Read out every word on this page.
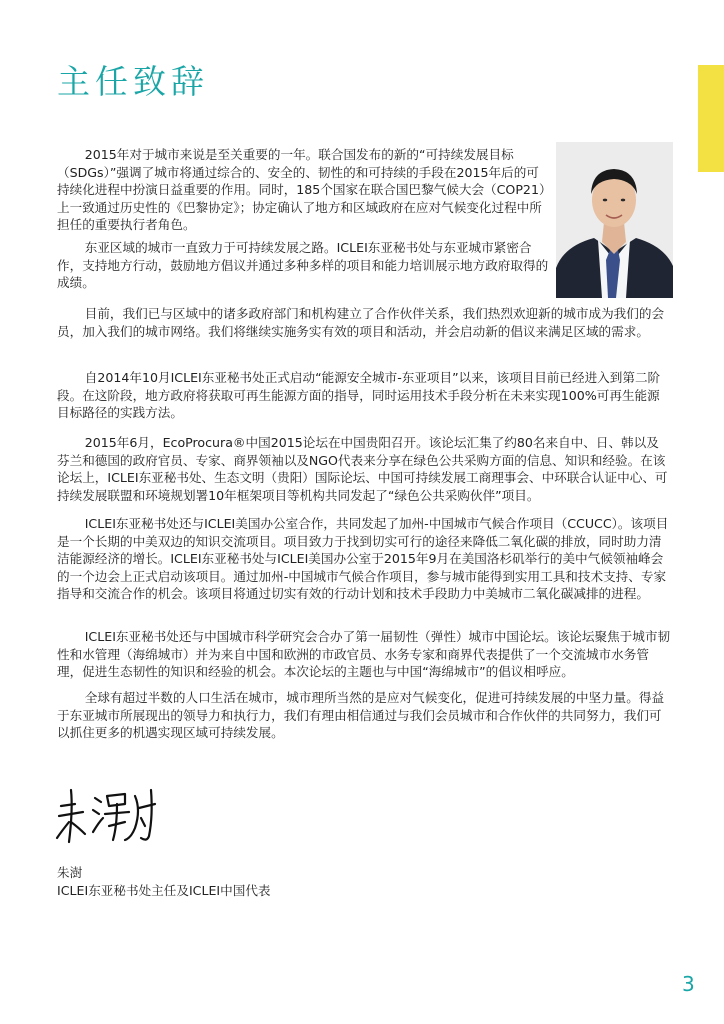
主任致辞

2015年对于城市来说是至关重要的一年。联合国发布的新的“可持续发展目标（SDGs）”强调了城市将通过综合的、安全的、韧性的和可持续的手段在2015年后的可持续化进程中扮演日益重要的作用。同时，185个国家在联合国巴黎气候大会（COP21）上一致通过历史性的《巴黎协定》；协定确认了地方和区域政府在应对气候变化过程中所担任的重要执行者角色。

东亚区域的城市一直致力于可持续发展之路。ICLEI东亚秘书处与东亚城市紧密合作，支持地方行动，鼓励地方倡议并通过多种多样的项目和能力培训展示地方政府取得的成绩。

目前，我们已与区域中的诸多政府部门和机构建立了合作伙伴关系，我们热烈欢迎新的城市成为我们的会员，加入我们的城市网络。我们将继续实施务实有效的项目和活动，并会启动新的倡议来满足区域的需求。

自2014年10月ICLEI东亚秘书处正式启动“能源安全城市-东亚项目”以来，该项目目前已经进入到第二阶段。在这阶段，地方政府将获取可再生能源方面的指导，同时运用技术手段分析在未来实现100%可再生能源目标路径的实践方法。

2015年6月，EcoProcura®中国2015论坛在中国贵阳召开。该论坛汇集了约80名来自中、日、韩以及芬兰和德国的政府官员、专家、商界领袖以及NGO代表来分享在绿色公共采购方面的信息、知识和经验。在该论坛上，ICLEI东亚秘书处、生态文明（贵阳）国际论坛、中国可持续发展工商理事会、中环联合认证中心、可持续发展联盟和环境规划署10年框架项目等机构共同发起了“绿色公共采购伙伴”项目。

ICLEI东亚秘书处还与ICLEI美国办公室合作，共同发起了加州-中国城市气候合作项目（CCUCC）。该项目是一个长期的中美双边的知识交流项目。项目致力于找到切实可行的途径来降低二氧化碳的排放，同时助力清洁能源经济的增长。ICLEI东亚秘书处与ICLEI美国办公室于2015年9月在美国洛杉矶举行的美中气候领袖峰会的一个边会上正式启动该项目。通过加州-中国城市气候合作项目，参与城市能得到实用工具和技术支持、专家指导和交流合作的机会。该项目将通过切实有效的行动计划和技术手段助力中美城市二氧化碳减排的进程。

ICLEI东亚秘书处还与中国城市科学研究会合办了第一届韧性（弹性）城市中国论坛。该论坛聚焦于城市韧性和水管理（海绵城市）并为来自中国和欧洲的市政官员、水务专家和商界代表提供了一个交流城市水务管理，促进生态韧性的知识和经验的机会。本次论坛的主题也与中国“海绵城市”的倡议相呼应。

全球有超过半数的人口生活在城市，城市理所当然的是应对气候变化，促进可持续发展的中坚力量。得益于东亚城市所展现出的领导力和执行力，我们有理由相信通过与我们会员城市和合作伙伴的共同努力，我们可以抓住更多的机遇实现区域可持续发展。

朱澍

ICLEI东亚秘书处主任及ICLEI中国代表

3
